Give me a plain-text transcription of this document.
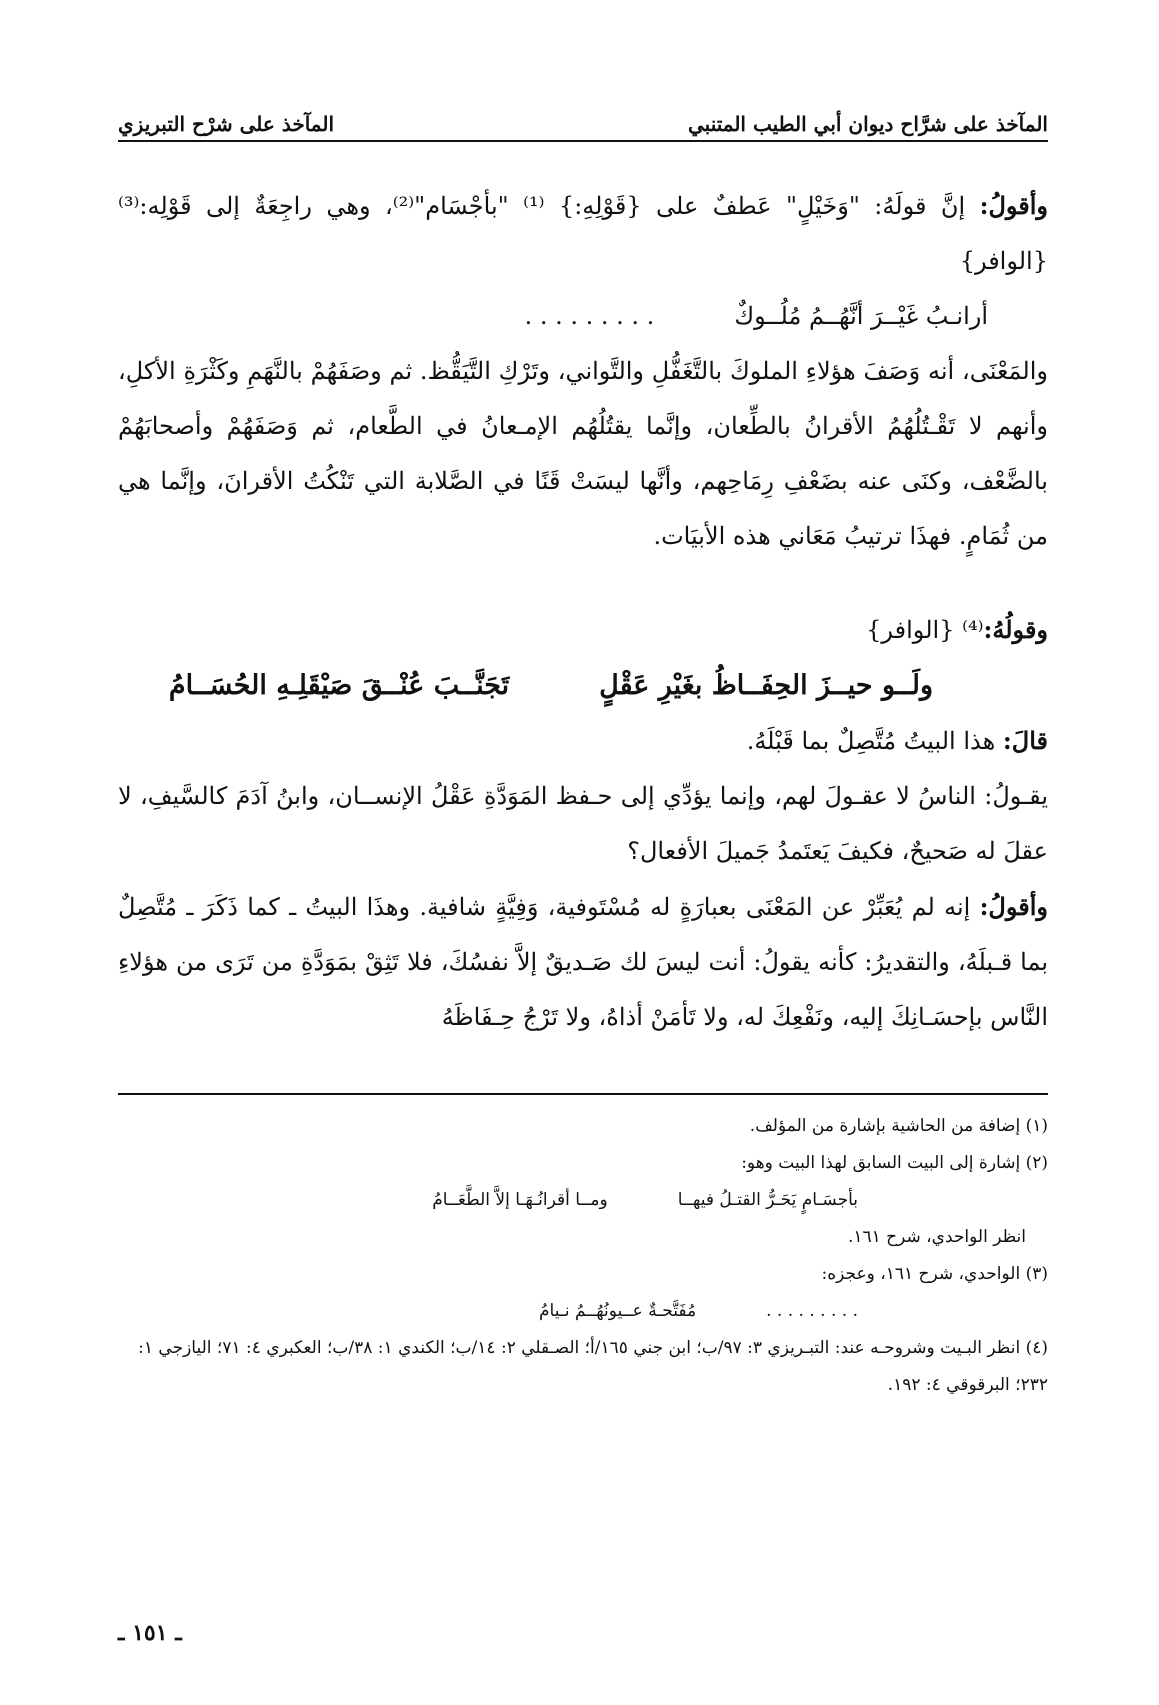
المآخذ على شرَّاح ديوان أبي الطيب المتنبي
المآخذ على شرْح التبريزي

وأقولُ: إنَّ قولَهُ: "وَخَيْلٍ" عَطفٌ على {قَوْلِهِ:} ⁽¹⁾ "بأجْسَام"⁽²⁾، وهي راجِعَةٌ إلى قَوْلِه:⁽³⁾ {الوافر}

أرانـبُ غَيْــرَ أنَّهُــمُ مُلُــوكٌ
. . . . . . . . .

والمَعْنَى، أنه وَصَفَ هؤلاءِ الملوكَ بالتَّغَفُّلِ والتَّواني، وتَرْكِ التَّيَقُّظ. ثم وصَفَهُمْ بالنَّهَمِ وكَثْرَةِ الأكلِ، وأنهم لا تَقْـتُلُهُمُ الأقرانُ بالطِّعان، وإنَّما يقتُلُهُم الإمـعانُ في الطَّعام، ثم وَصَفَهُمْ وأصحابَهُمْ بالضَّعْف، وكنَى عنه بضَعْفِ رِمَاحِهم، وأنَّها ليسَتْ قَنًا في الصَّلابة التي تَنْكُتُ الأقرانَ، وإنَّما هي من ثُمَامٍ. فهذَا ترتيبُ مَعَاني هذه الأبيَات.

وقولُهُ:⁽⁴⁾ {الوافر}

ولَــو حيــزَ الحِفَــاظُ بغَيْرِ عَقْلٍ
تَجَنَّــبَ عُنْــقَ صَيْقَلِـهِ الحُسَــامُ

قالَ: هذا البيتُ مُتَّصِلٌ بما قَبْلَهُ.

يقـولُ: الناسُ لا عقـولَ لهم، وإنما يؤدِّي إلى حـفظ المَوَدَّةِ عَقْلُ الإنســان، وابنُ آدَمَ كالسَّيفِ، لا عقلَ له صَحيحٌ، فكيفَ يَعتَمدُ جَميلَ الأفعال؟

وأقولُ: إنه لم يُعَبِّرْ عن المَعْنَى بعبارَةٍ له مُسْتَوفية، وَفِيَّةٍ شافية. وهذَا البيتُ ـ كما ذَكَرَ ـ مُتَّصِلٌ بما قـبلَهُ، والتقديرُ: كأنه يقولُ: أنت ليسَ لك صَـديقٌ إلاَّ نفسُكَ، فلا تَثِقْ بمَوَدَّةِ من تَرَى من هؤلاءِ النَّاس بإحسَـانِكَ إليه، ونَفْعِكَ له، ولا تَأمَنْ أذاهُ، ولا تَرْجُ حِـفَاظَهُ

(١) إضافة من الحاشية بإشارة من المؤلف.

(٢) إشارة إلى البيت السابق لهذا البيت وهو:

بأجسَـامٍ يَحَـرُّ القتـلُ فيهــا
ومــا أقرانُـهَـا إلاَّ الطَّعَــامُ

انظر الواحدي، شرح ١٦١.

(٣) الواحدي، شرح ١٦١، وعجزه:

. . . . . . . . .
مُفَتَّحـةٌ عــيونُهُــمُ نـيامُ

(٤) انظر البـيت وشروحـه عند: التبـريزي ٣: ٩٧/ب؛ ابن جني ١٦٥/أ؛ الصـقلي ٢: ١٤/ب؛ الكندي ١: ٣٨/ب؛ العكبري ٤: ٧١؛ اليازجي ١: ٢٣٢؛ البرقوقي ٤: ١٩٢.

ـ ١٥١ ـ
